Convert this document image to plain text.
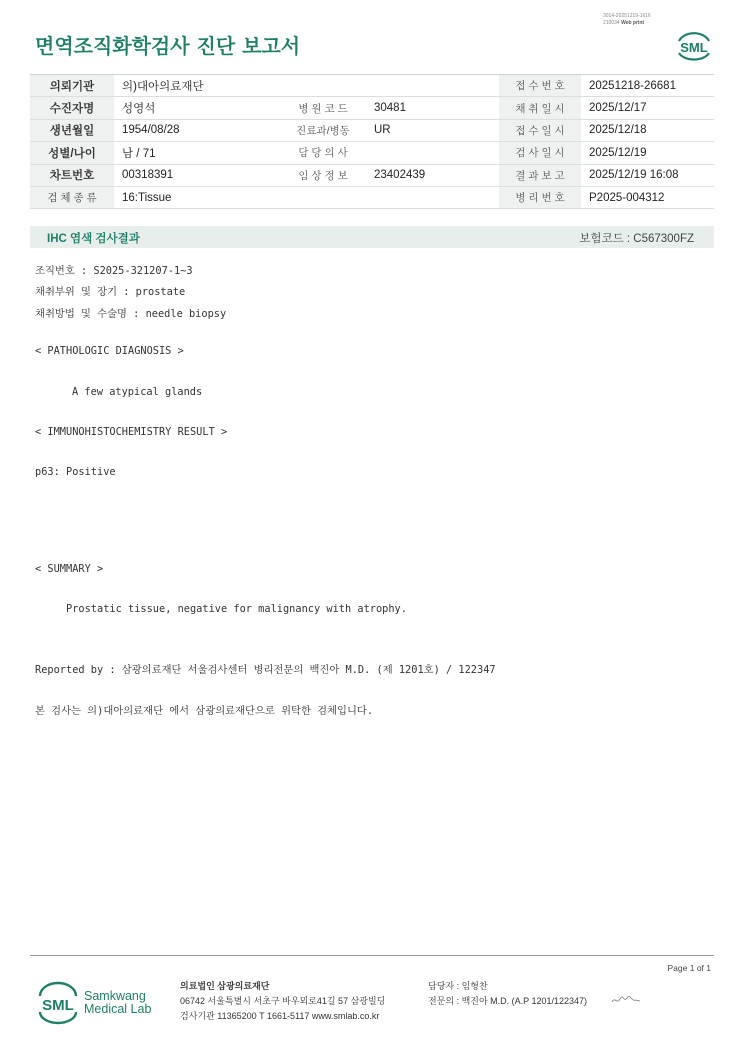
3014-20251219-1616
210034 Web print
면역조직화학검사 진단 보고서	SML
의뢰기관	의)대아의료재단			접 수 번 호	20251218-26681
수진자명	성영석	병 원 코 드	30481	채 취 일 시	2025/12/17
생년월일	1954/08/28	진료과/병동	UR	접 수 일 시	2025/12/18
성별/나이	남 / 71	담 당 의 사		검 사 일 시	2025/12/19
차트번호	00318391	임 상 정 보	23402439	결 과 보 고	2025/12/19 16:08
검 체 종 류	16:Tissue			병 리 번 호	P2025-004312
IHC 염색 검사결과	보험코드 : C567300FZ
조직번호 : S2025-321207-1~3
채취부위 및 장기 : prostate
채취방법 및 수술명 : needle biopsy
< PATHOLOGIC DIAGNOSIS >
A few atypical glands
< IMMUNOHISTOCHEMISTRY RESULT >
p63: Positive
< SUMMARY >
Prostatic tissue, negative for malignancy with atrophy.
Reported by : 삼광의료재단 서울검사센터 병리전문의 백진아 M.D. (제 1201호) / 122347
본 검사는 의)대아의료재단 에서 삼광의료재단으로 위탁한 검체입니다.
Page 1 of 1
SML
Samkwang
Medical Lab
의료법인 삼광의료재단
06742 서울특별시 서초구 바우뫼로41길 57 삼광빌딩
검사기관 11365200 T 1661-5117 www.smlab.co.kr
담당자 : 임형찬
전문의 : 백진아 M.D. (A.P 1201/122347)
